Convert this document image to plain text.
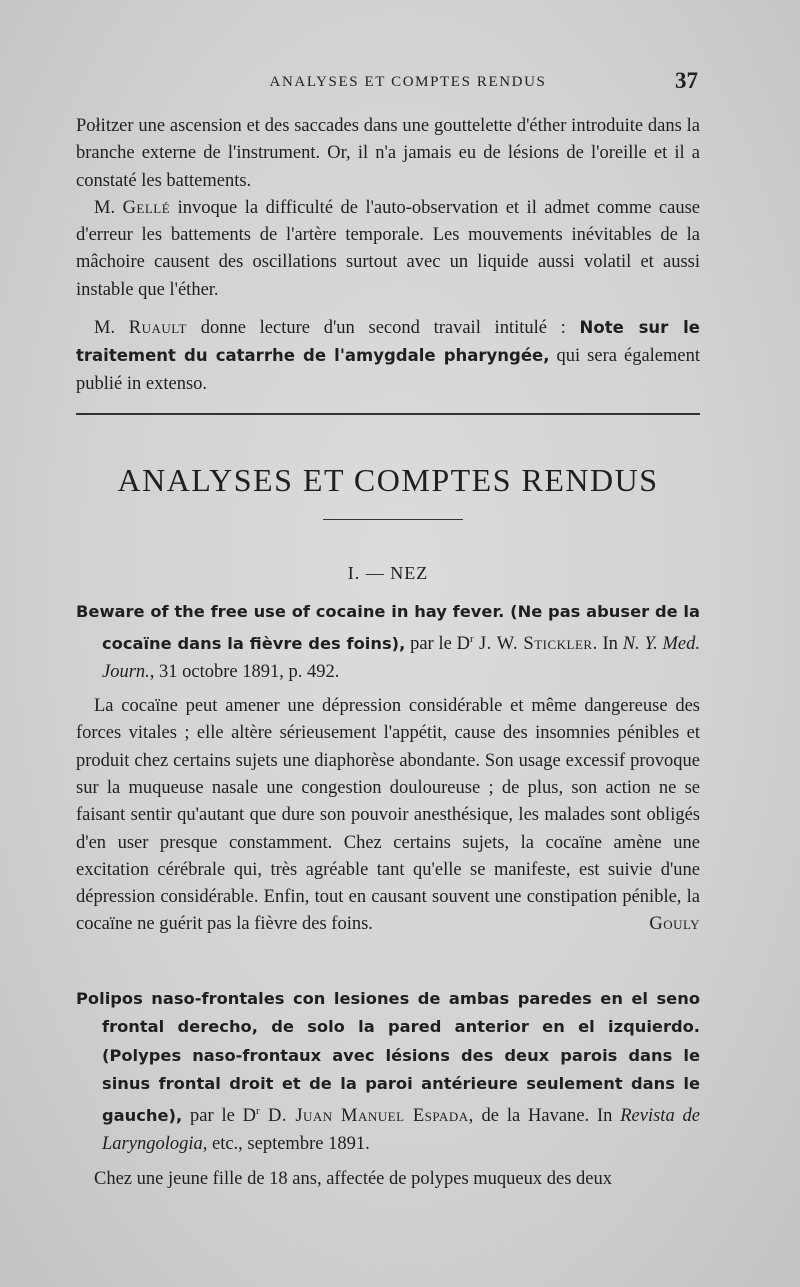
ANALYSES ET COMPTES RENDUS	37

Połitzer une ascension et des saccades dans une gouttelette d'éther introduite dans la branche externe de l'instrument. Or, il n'a jamais eu de lésions de l'oreille et il a constaté les battements.

M. Gellé invoque la difficulté de l'auto-observation et il admet comme cause d'erreur les battements de l'artère temporale. Les mouvements inévitables de la mâchoire causent des oscillations surtout avec un liquide aussi volatil et aussi instable que l'éther.

M. Ruault donne lecture d'un second travail intitulé : Note sur le traitement du catarrhe de l'amygdale pharyngée, qui sera également publié in extenso.

ANALYSES ET COMPTES RENDUS
I. — NEZ

Beware of the free use of cocaine in hay fever. (Ne pas abuser de la cocaïne dans la fièvre des foins), par le $D^r$ J. W. Stickler. In N. Y. Med. Journ., 31 octobre 1891, p. 492.

La cocaïne peut amener une dépression considérable et même dangereuse des forces vitales ; elle altère sérieusement l'appétit, cause des insomnies pénibles et produit chez certains sujets une diaphorèse abondante. Son usage excessif provoque sur la muqueuse nasale une congestion douloureuse ; de plus, son action ne se faisant sentir qu'autant que dure son pouvoir anesthésique, les malades sont obligés d'en user presque constamment. Chez certains sujets, la cocaïne amène une excitation cérébrale qui, très agréable tant qu'elle se manifeste, est suivie d'une dépression considérable. Enfin, tout en causant souvent une constipation pénible, la cocaïne ne guérit pas la fièvre des foins.	Gouly

Polipos naso-frontales con lesiones de ambas paredes en el seno frontal derecho, de solo la pared anterior en el izquierdo. (Polypes naso-frontaux avec lésions des deux parois dans le sinus frontal droit et de la paroi antérieure seulement dans le gauche), par le $D^r$ D. Juan Manuel Espada, de la Havane. In Revista de Laryngologia, etc., septembre 1891.

Chez une jeune fille de 18 ans, affectée de polypes muqueux des deux
